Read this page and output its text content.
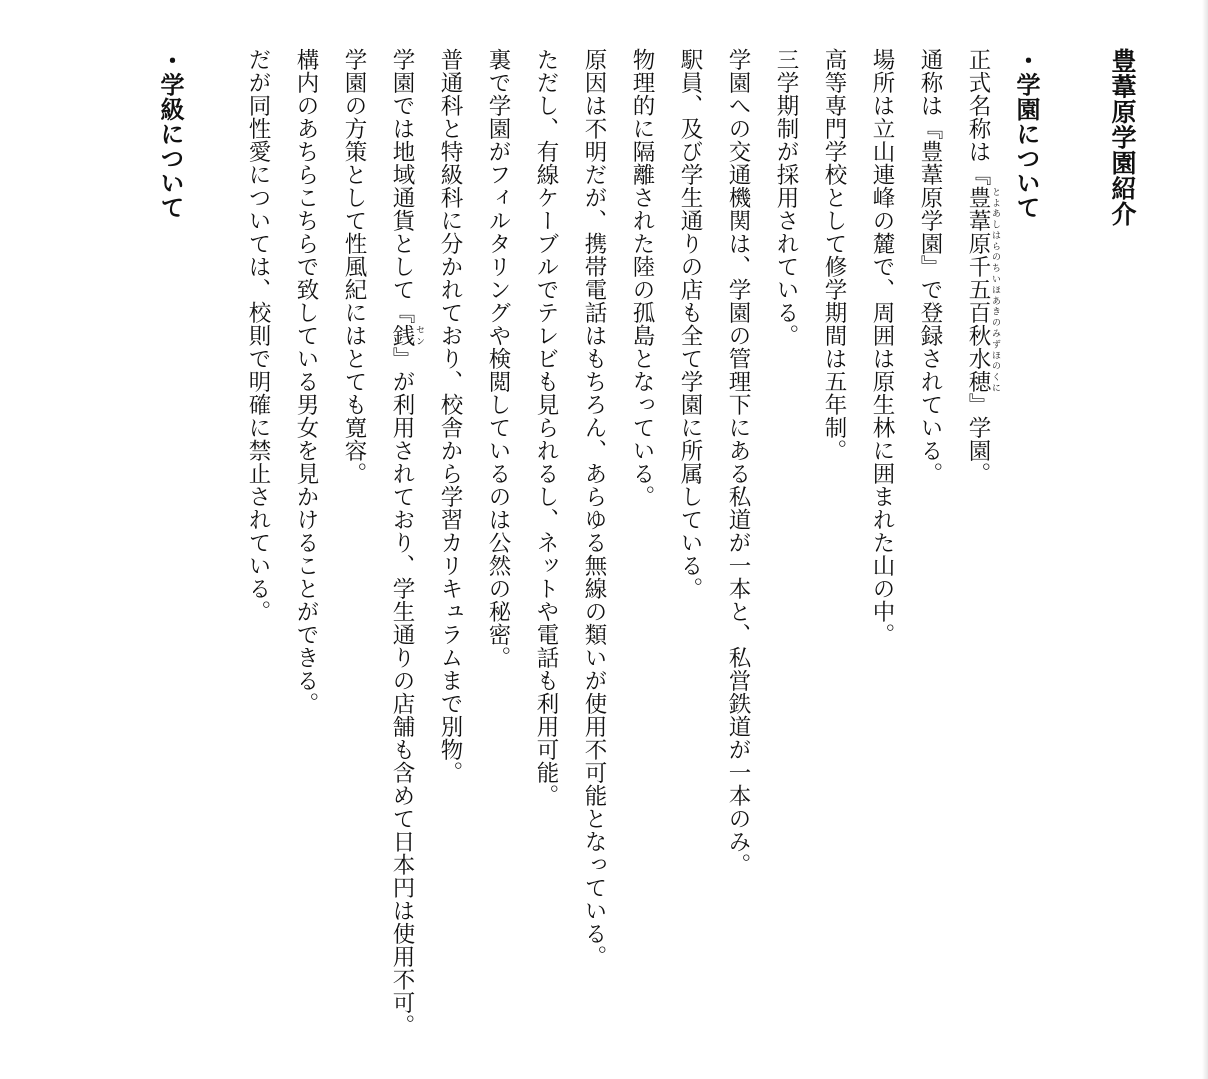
豊葦原学園紹介

・学園について

正式名称は『豊葦原千五百秋水穂 とよあしはらのちいほあきのみずほのくに』学園。

通称は『豊葦原学園』で登録されている。

場所は立山連峰の麓で、周囲は原生林に囲まれた山の中。

高等専門学校として修学期間は五年制。

三学期制が採用されている。

学園への交通機関は、学園の管理下にある私道が一本と、私営鉄道が一本のみ。

駅員、及び学生通りの店も全て学園に所属している。

物理的に隔離された陸の孤島となっている。

原因は不明だが、携帯電話はもちろん、あらゆる無線の類いが使用不可能となっている。

ただし、有線ケーブルでテレビも見られるし、ネットや電話も利用可能。

裏で学園がフィルタリングや検閲しているのは公然の秘密。

普通科と特級科に分かれており、校舎から学習カリキュラムまで別物。

学園では地域通貨として『銭 セン』が利用されており、学生通りの店舗も含めて日本円は使用不可。

学園の方策として性風紀にはとても寛容。

構内のあちらこちらで致している男女を見かけることができる。

だが同性愛については、校則で明確に禁止されている。

・学級について
